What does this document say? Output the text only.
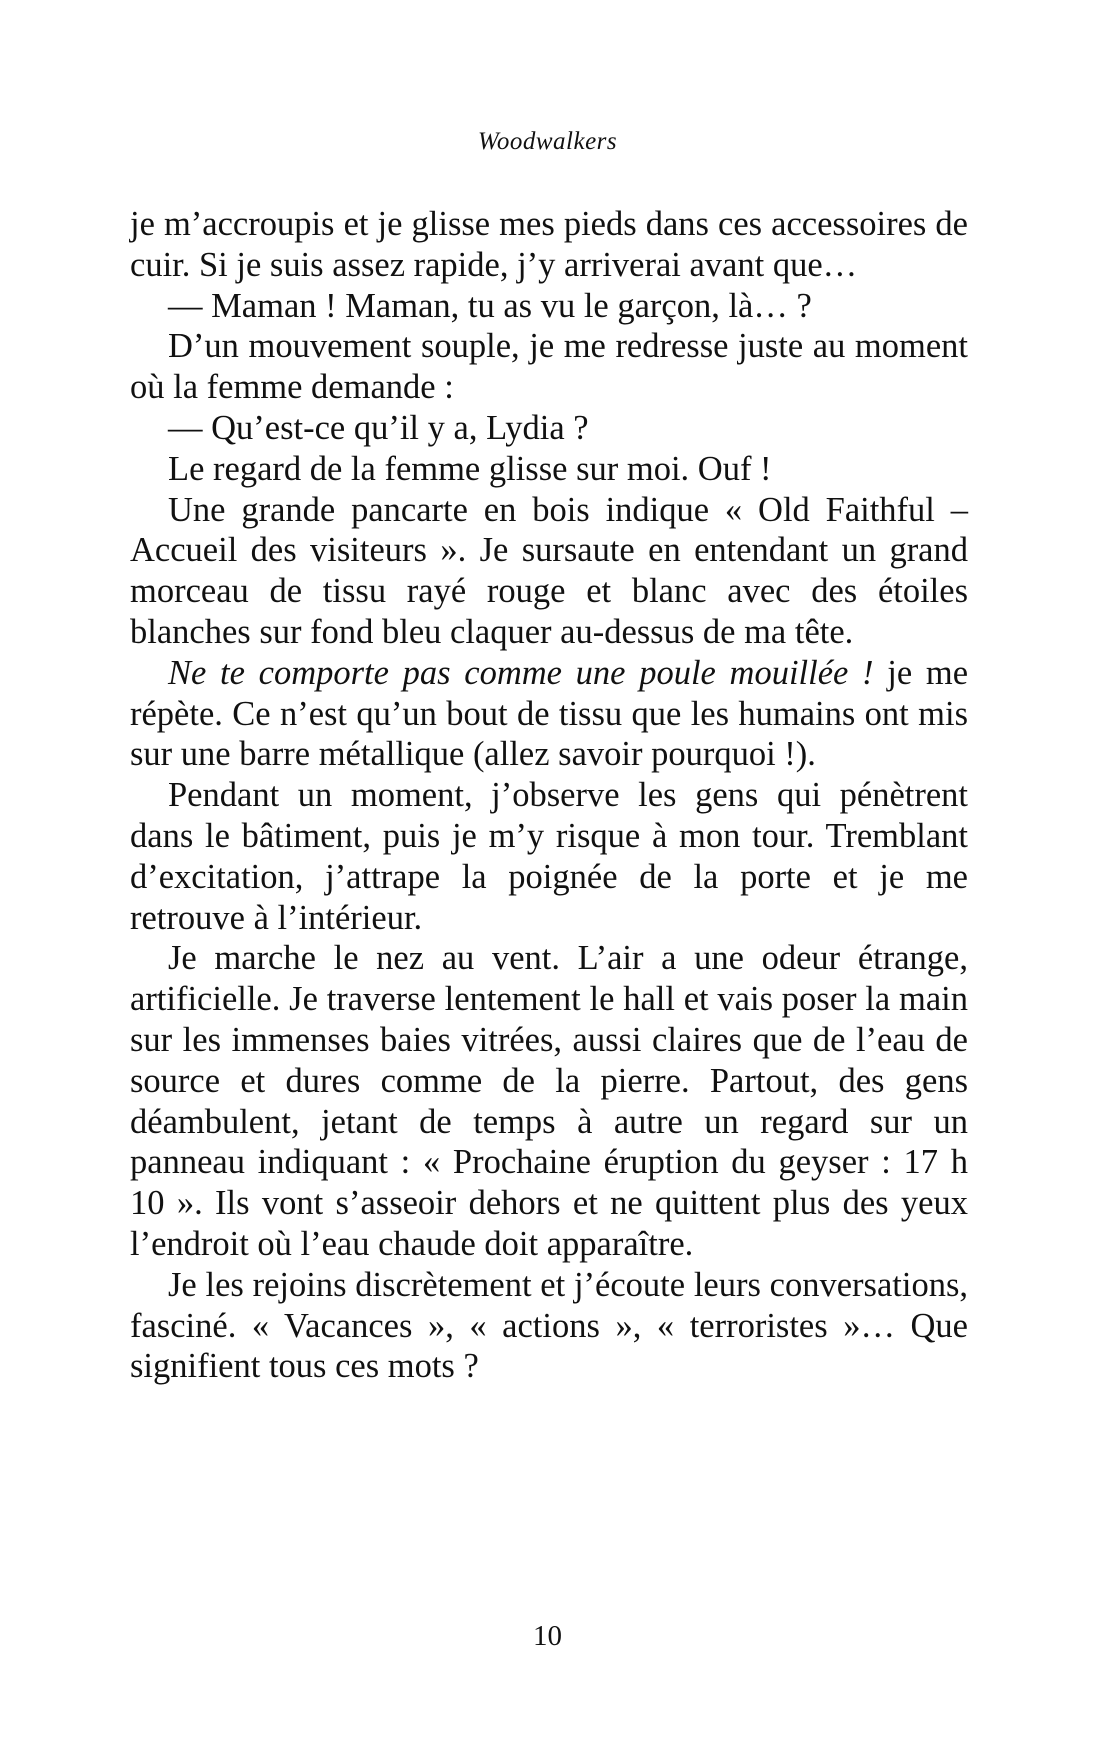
Woodwalkers

je m’accroupis et je glisse mes pieds dans ces accessoires de cuir. Si je suis assez rapide, j’y arriverai avant que…

— Maman ! Maman, tu as vu le garçon, là… ?

D’un mouvement souple, je me redresse juste au moment où la femme demande :

— Qu’est-ce qu’il y a, Lydia ?

Le regard de la femme glisse sur moi. Ouf !

Une grande pancarte en bois indique « Old Faithful – Accueil des visiteurs ». Je sursaute en entendant un grand morceau de tissu rayé rouge et blanc avec des étoiles blanches sur fond bleu claquer au-dessus de ma tête.

Ne te comporte pas comme une poule mouillée ! je me répète. Ce n’est qu’un bout de tissu que les humains ont mis sur une barre métallique (allez savoir pourquoi !).

Pendant un moment, j’observe les gens qui pénètrent dans le bâtiment, puis je m’y risque à mon tour. Tremblant d’excitation, j’attrape la poignée de la porte et je me retrouve à l’intérieur.

Je marche le nez au vent. L’air a une odeur étrange, artificielle. Je traverse lentement le hall et vais poser la main sur les immenses baies vitrées, aussi claires que de l’eau de source et dures comme de la pierre. Partout, des gens déambulent, jetant de temps à autre un regard sur un panneau indiquant : « Prochaine éruption du geyser : 17 h 10 ». Ils vont s’asseoir dehors et ne quittent plus des yeux l’endroit où l’eau chaude doit apparaître.

Je les rejoins discrètement et j’écoute leurs conversations, fasciné. « Vacances », « actions », « terroristes »… Que signifient tous ces mots ?

10
